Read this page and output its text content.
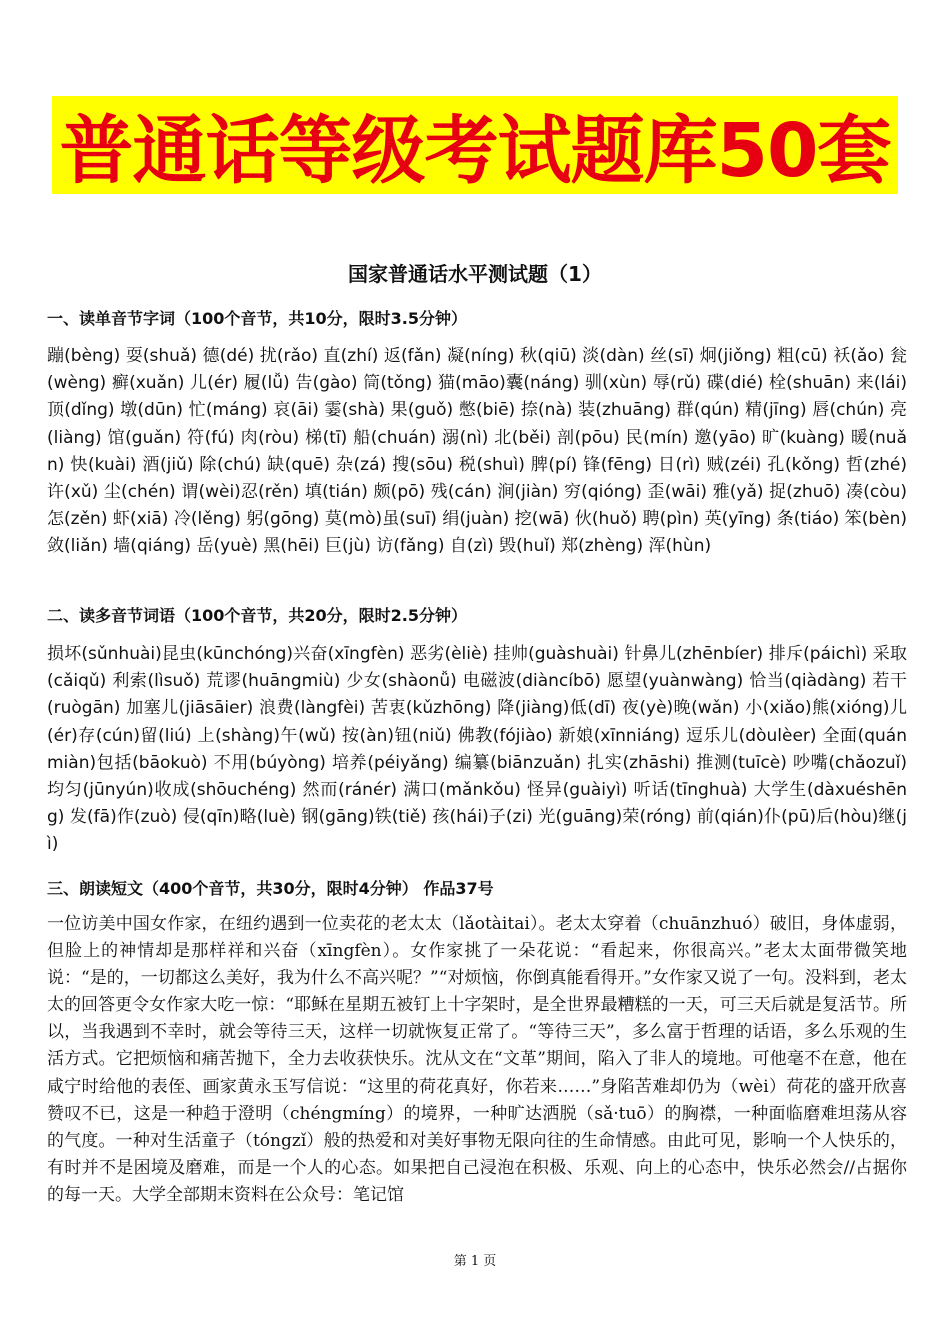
普通话等级考试题库50套
国家普通话水平测试题（1）
一、读单音节字词（100个音节，共10分，限时3.5分钟）
蹦(bèng) 耍(shuǎ) 德(dé) 扰(rǎo) 直(zhí) 返(fǎn) 凝(níng) 秋(qiū) 淡(dàn) 丝(sī) 炯(jiǒng) 粗(cū) 袄(ǎo) 瓮(wèng) 癣(xuǎn) 儿(ér) 履(lǚ) 告(gào) 筒(tǒng) 猫(māo)囊(náng) 驯(xùn) 辱(rǔ) 碟(dié) 栓(shuān) 来(lái) 顶(dǐng) 墩(dūn) 忙(máng) 哀(āi) 霎(shà) 果(guǒ) 憋(biē) 捺(nà) 装(zhuāng) 群(qún) 精(jīng) 唇(chún) 亮(liàng) 馆(guǎn) 符(fú) 肉(ròu) 梯(tī) 船(chuán) 溺(nì) 北(běi) 剖(pōu) 民(mín) 邀(yāo) 旷(kuàng) 暖(nuǎn) 快(kuài) 酒(jiǔ) 除(chú) 缺(quē) 杂(zá) 搜(sōu) 税(shuì) 脾(pí) 锋(fēng) 日(rì) 贼(zéi) 孔(kǒng) 哲(zhé) 许(xǔ) 尘(chén) 谓(wèi)忍(rěn) 填(tián) 颇(pō) 残(cán) 涧(jiàn) 穷(qióng) 歪(wāi) 雅(yǎ) 捉(zhuō) 凑(còu) 怎(zěn) 虾(xiā) 冷(lěng) 躬(gōng) 莫(mò)虽(suī) 绢(juàn) 挖(wā) 伙(huǒ) 聘(pìn) 英(yīng) 条(tiáo) 笨(bèn) 敛(liǎn) 墙(qiáng) 岳(yuè) 黑(hēi) 巨(jù) 访(fǎng) 自(zì) 毁(huǐ) 郑(zhèng) 浑(hùn)
二、读多音节词语（100个音节，共20分，限时2.5分钟）
损坏(sǔnhuài)昆虫(kūnchóng)兴奋(xīngfèn) 恶劣(èliè) 挂帅(guàshuài) 针鼻儿(zhēnbíer) 排斥(páichì) 采取(cǎiqǔ) 利索(lìsuǒ) 荒谬(huāngmiù) 少女(shàonǚ) 电磁波(diàncíbō) 愿望(yuànwàng) 恰当(qiàdàng) 若干(ruògān) 加塞儿(jiāsāier) 浪费(làngfèi) 苦衷(kǔzhōng) 降(jiàng)低(dī) 夜(yè)晚(wǎn) 小(xiǎo)熊(xióng)儿(ér)存(cún)留(liú) 上(shàng)午(wǔ) 按(àn)钮(niǔ) 佛教(fójiào) 新娘(xīnniáng) 逗乐儿(dòulèer) 全面(quánmiàn)包括(bāokuò) 不用(búyòng) 培养(péiyǎng) 编纂(biānzuǎn) 扎实(zhāshi) 推测(tuīcè) 吵嘴(chǎozuǐ) 均匀(jūnyún)收成(shōuchéng) 然而(ránér) 满口(mǎnkǒu) 怪异(guàiyì) 听话(tīnghuà) 大学生(dàxuéshēng) 发(fā)作(zuò) 侵(qīn)略(luè) 钢(gāng)铁(tiě) 孩(hái)子(zi) 光(guāng)荣(róng) 前(qián)仆(pū)后(hòu)继(jì)
三、朗读短文（400个音节，共30分，限时4分钟） 作品37号
一位访美中国女作家，在纽约遇到一位卖花的老太太（lǎotàitai）。老太太穿着（chuānzhuó）破旧，身体虚弱，但脸上的神情却是那样祥和兴奋（xīngfèn）。女作家挑了一朵花说：“看起来，你很高兴。”老太太面带微笑地说：“是的，一切都这么美好，我为什么不高兴呢？”“对烦恼，你倒真能看得开。”女作家又说了一句。没料到，老太太的回答更令女作家大吃一惊：“耶稣在星期五被钉上十字架时，是全世界最糟糕的一天，可三天后就是复活节。所以，当我遇到不幸时，就会等待三天，这样一切就恢复正常了。“等待三天”，多么富于哲理的话语，多么乐观的生活方式。它把烦恼和痛苦抛下，全力去收获快乐。沈从文在“文革”期间，陷入了非人的境地。可他毫不在意，他在咸宁时给他的表侄、画家黄永玉写信说：“这里的荷花真好，你若来……”身陷苦难却仍为（wèi）荷花的盛开欣喜赞叹不已，这是一种趋于澄明（chéngmíng）的境界，一种旷达洒脱（sǎ·tuō）的胸襟，一种面临磨难坦荡从容的气度。一种对生活童子（tóngzǐ）般的热爱和对美好事物无限向往的生命情感。由此可见，影响一个人快乐的，有时并不是困境及磨难，而是一个人的心态。如果把自己浸泡在积极、乐观、向上的心态中，快乐必然会//占据你的每一天。大学全部期末资料在公众号：笔记馆
第 1 页
